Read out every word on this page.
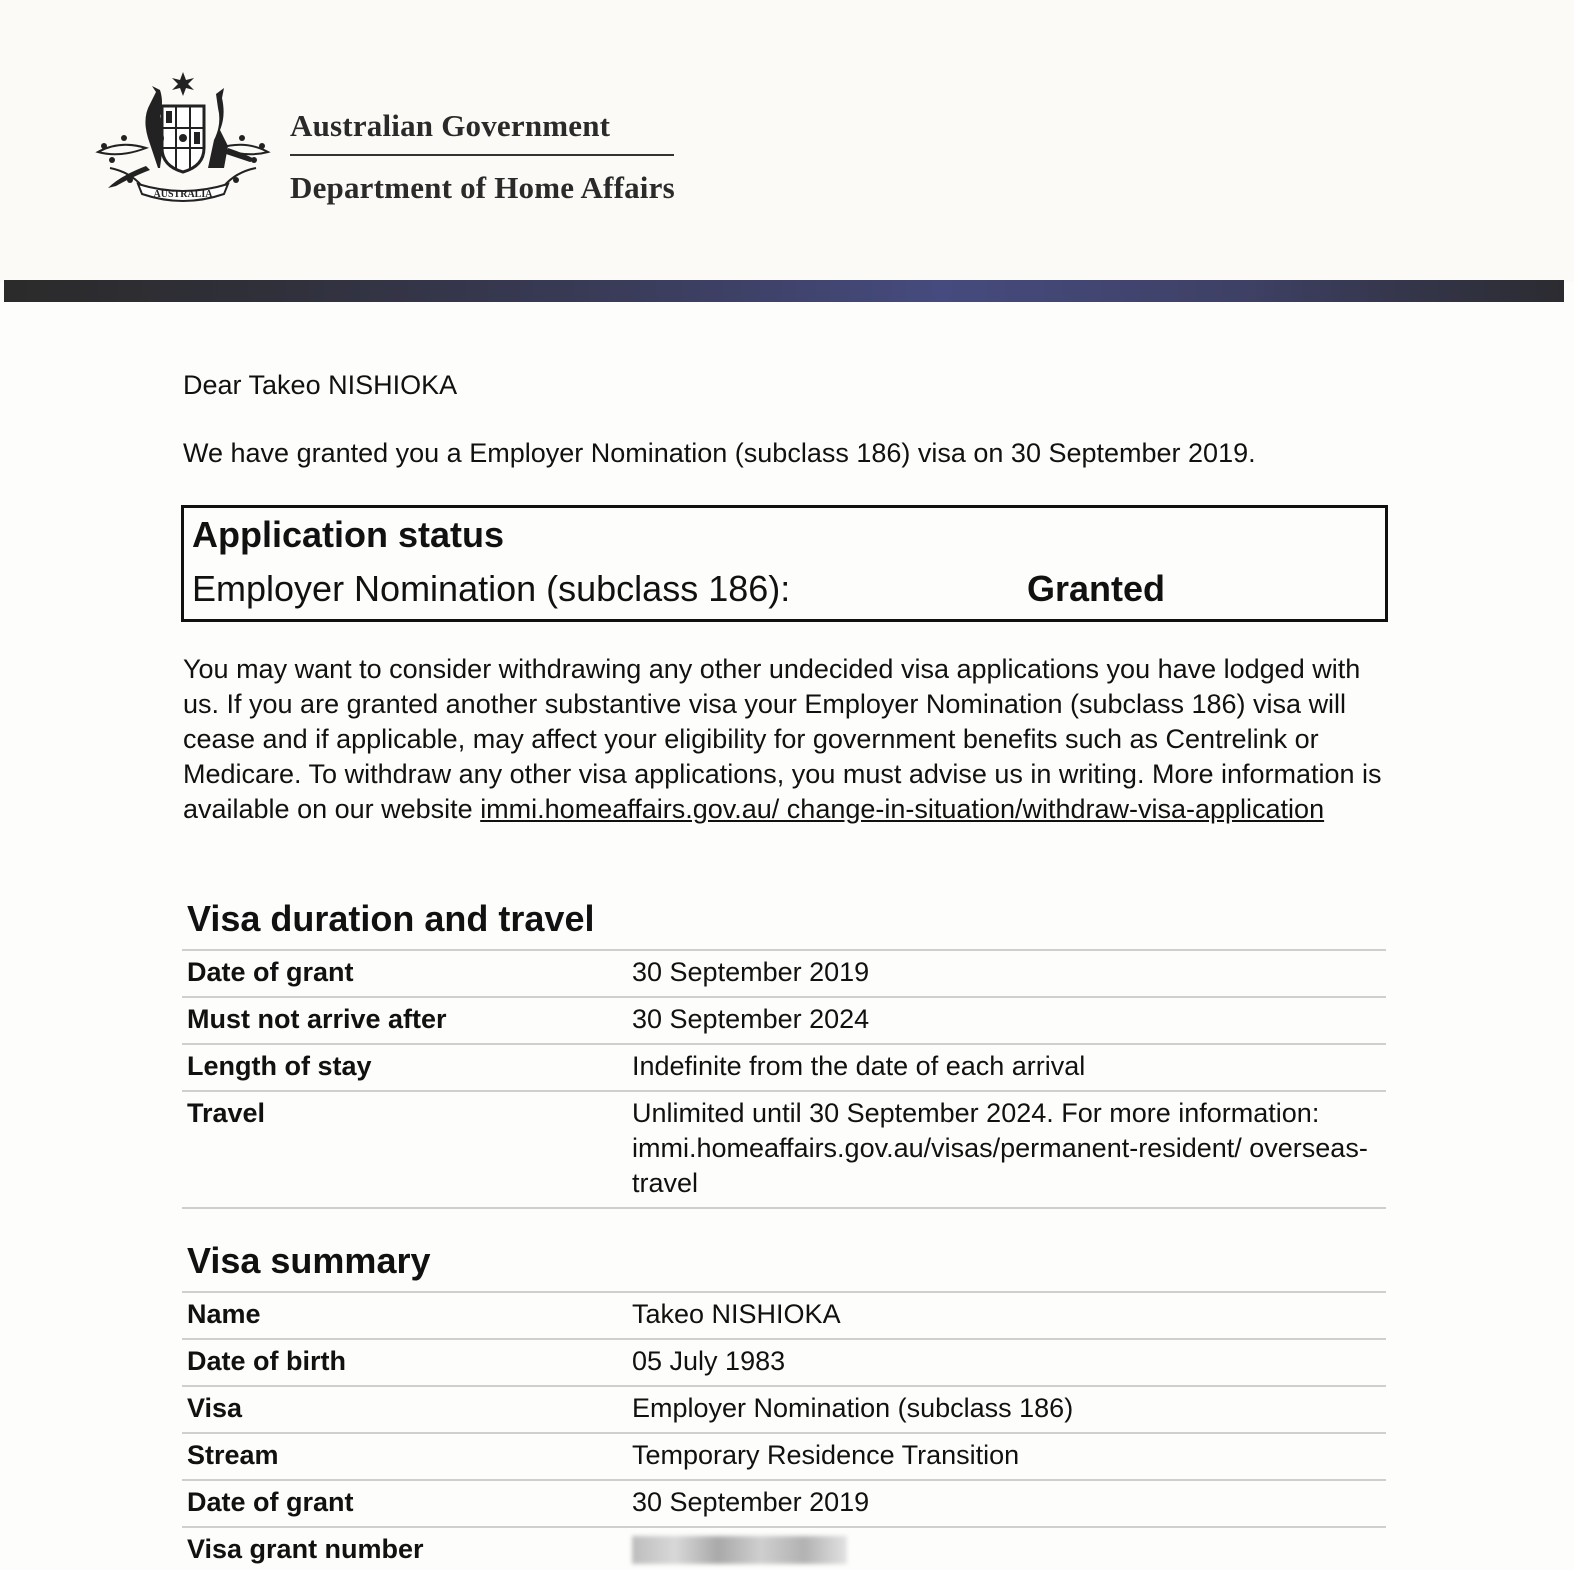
AUSTRALIA
Australian Government
Department of Home Affairs
Dear Takeo NISHIOKA
We have granted you a Employer Nomination (subclass 186) visa on 30 September 2019.
Application status
Employer Nomination (subclass 186):	Granted
You may want to consider withdrawing any other undecided visa applications you have lodged with us. If you are granted another substantive visa your Employer Nomination (subclass 186) visa will cease and if applicable, may affect your eligibility for government benefits such as Centrelink or Medicare. To withdraw any other visa applications, you must advise us in writing. More information is available on our website immi.homeaffairs.gov.au/ change-in-situation/withdraw-visa-application
Visa duration and travel
Date of grant	30 September 2019
Must not arrive after	30 September 2024
Length of stay	Indefinite from the date of each arrival
Travel	Unlimited until 30 September 2024. For more information: immi.homeaffairs.gov.au/visas/permanent-resident/ overseas-travel
Visa summary
Name	Takeo NISHIOKA
Date of birth	05 July 1983
Visa	Employer Nomination (subclass 186)
Stream	Temporary Residence Transition
Date of grant	30 September 2019
Visa grant number	
